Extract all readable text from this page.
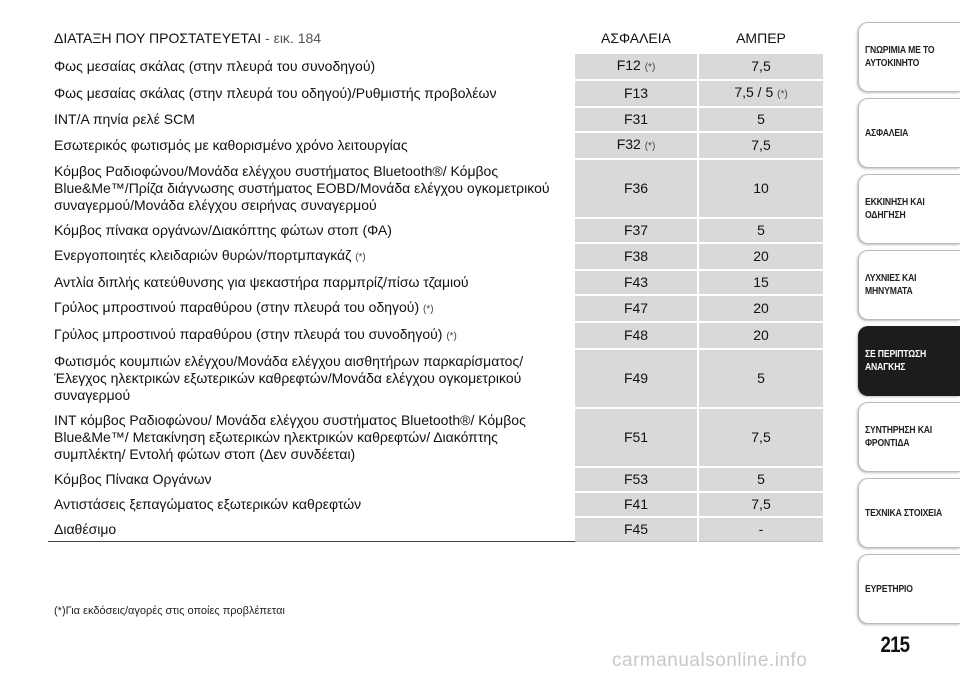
ΔΙΑΤΑΞΗ ΠΟΥ ΠΡΟΣΤΑΤΕΥΕΤΑΙ - εικ. 184	ΑΣΦΑΛΕΙΑ	ΑΜΠΕΡ
Φως μεσαίας σκάλας (στην πλευρά του συνοδηγού)	F12 (*)	7,5
Φως μεσαίας σκάλας (στην πλευρά του οδηγού)/Ρυθμιστής προβολέων	F13	7,5 / 5 (*)
INT/A πηνία ρελέ SCM	F31	5
Εσωτερικός φωτισμός με καθορισμένο χρόνο λειτουργίας	F32 (*)	7,5
Κόμβος Ραδιοφώνου/Μονάδα ελέγχου συστήματος Bluetooth®/ Κόμβος Blue&Me™/Πρίζα διάγνωσης συστήματος EOBD/Μονάδα ελέγχου ογκομετρικού συναγερμού/Μονάδα ελέγχου σειρήνας συναγερμού	F36	10
Κόμβος πίνακα οργάνων/Διακόπτης φώτων στοπ (ΦΑ)	F37	5
Ενεργοποιητές κλειδαριών θυρών/πορτμπαγκάζ (*)	F38	20
Αντλία διπλής κατεύθυνσης για ψεκαστήρα παρμπρίζ/πίσω τζαμιού	F43	15
Γρύλος μπροστινού παραθύρου (στην πλευρά του οδηγού) (*)	F47	20
Γρύλος μπροστινού παραθύρου (στην πλευρά του συνοδηγού) (*)	F48	20
Φωτισμός κουμπιών ελέγχου/Μονάδα ελέγχου αισθητήρων παρκαρίσματος/Έλεγχος ηλεκτρικών εξωτερικών καθρεφτών/Μονάδα ελέγχου ογκομετρικού συναγερμού	F49	5
INT κόμβος Ραδιοφώνου/ Μονάδα ελέγχου συστήματος Bluetooth®/ Κόμβος Blue&Me™/ Μετακίνηση εξωτερικών ηλεκτρικών καθρεφτών/ Διακόπτης συμπλέκτη/ Εντολή φώτων στοπ (Δεν συνδέεται)	F51	7,5
Κόμβος Πίνακα Οργάνων	F53	5
Αντιστάσεις ξεπαγώματος εξωτερικών καθρεφτών	F41	7,5
Διαθέσιμο	F45	-
(*)Για εκδόσεις/αγορές στις οποίες προβλέπεται
ΓΝΩΡΙΜΙΑ ΜΕ ΤΟ
ΑΥΤΟΚΙΝΗΤΟ
ΑΣΦΑΛΕΙΑ
ΕΚΚΙΝΗΣΗ ΚΑΙ
ΟΔΗΓΗΣΗ
ΛΥΧΝΙΕΣ ΚΑΙ
ΜΗΝΥΜΑΤΑ
ΣΕ ΠΕΡΙΠΤΩΣΗ
ΑΝΑΓΚΗΣ
ΣΥΝΤΗΡΗΣΗ ΚΑΙ
ΦΡΟΝΤΙΔΑ
ΤΕΧΝΙΚΑ ΣΤΟΙΧΕΙΑ
ΕΥΡΕΤΗΡΙΟ
215
carmanualsonline.info
